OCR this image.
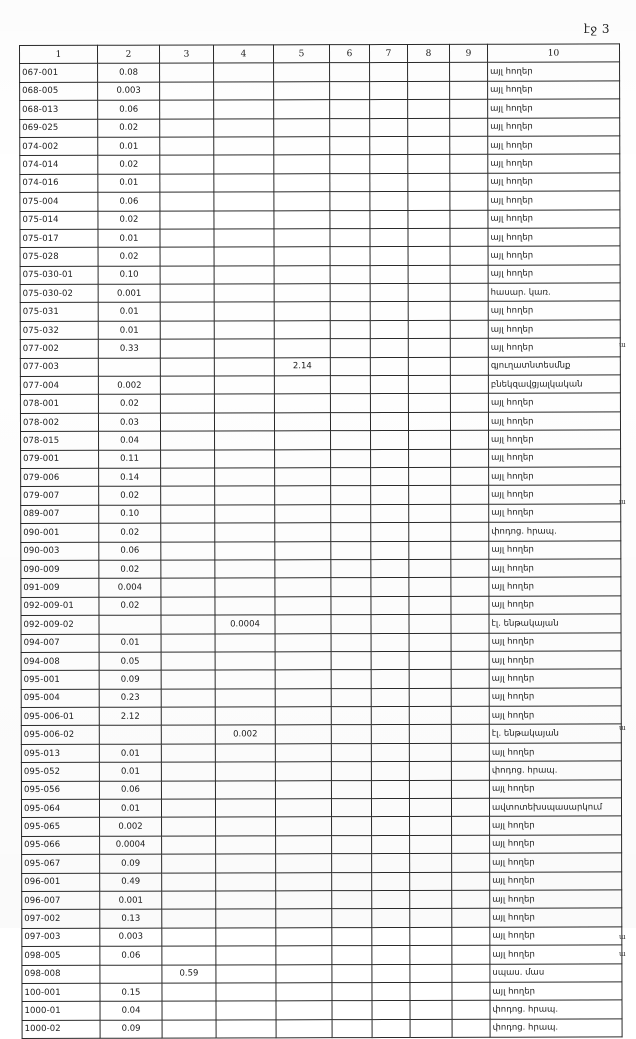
էջ 3
1	2	3	4	5	6	7	8	9	10
067-001	0.08								այլ հողեր
068-005	0.003								այլ հողեր
068-013	0.06								այլ հողեր
069-025	0.02								այլ հողեր
074-002	0.01								այլ հողեր
074-014	0.02								այլ հողեր
074-016	0.01								այլ հողեր
075-004	0.06								այլ հողեր
075-014	0.02								այլ հողեր
075-017	0.01								այլ հողեր
075-028	0.02								այլ հողեր
075-030-01	0.10								այլ հողեր
075-030-02	0.001								հասար. կառ.
075-031	0.01								այլ հողեր
075-032	0.01								այլ հողեր
077-002	0.33								այլ հողեր
077-003				2.14					գյուղատնտեսմնք
077-004	0.002								բնեկզավցյալկական
078-001	0.02								այլ հողեր
078-002	0.03								այլ հողեր
078-015	0.04								այլ հողեր
079-001	0.11								այլ հողեր
079-006	0.14								այլ հողեր
079-007	0.02								այլ հողեր
089-007	0.10								այլ հողեր
090-001	0.02								փոդոց. հրապ.
090-003	0.06								այլ հողեր
090-009	0.02								այլ հողեր
091-009	0.004								այլ հողեր
092-009-01	0.02								այլ հողեր
092-009-02			0.0004						էլ. ենթակայան
094-007	0.01								այլ հողեր
094-008	0.05								այլ հողեր
095-001	0.09								այլ հողեր
095-004	0.23								այլ հողեր
095-006-01	2.12								այլ հողեր
095-006-02			0.002						էլ. ենթակայան
095-013	0.01								այլ հողեր
095-052	0.01								փոդոց. հրապ.
095-056	0.06								այլ հողեր
095-064	0.01								ավտոտեխսպասարկում
095-065	0.002								այլ հողեր
095-066	0.0004								այլ հողեր
095-067	0.09								այլ հողեր
096-001	0.49								այլ հողեր
096-007	0.001								այլ հողեր
097-002	0.13								այլ հողեր
097-003	0.003								այլ հողեր
098-005	0.06								այլ հողեր
098-008		0.59							սպաս. մաս
100-001	0.15								այլ հողեր
1000-01	0.04								փոդոց. հրապ.
1000-02	0.09								փոդոց. հրապ.
ա
ա
ա
ա
ա
